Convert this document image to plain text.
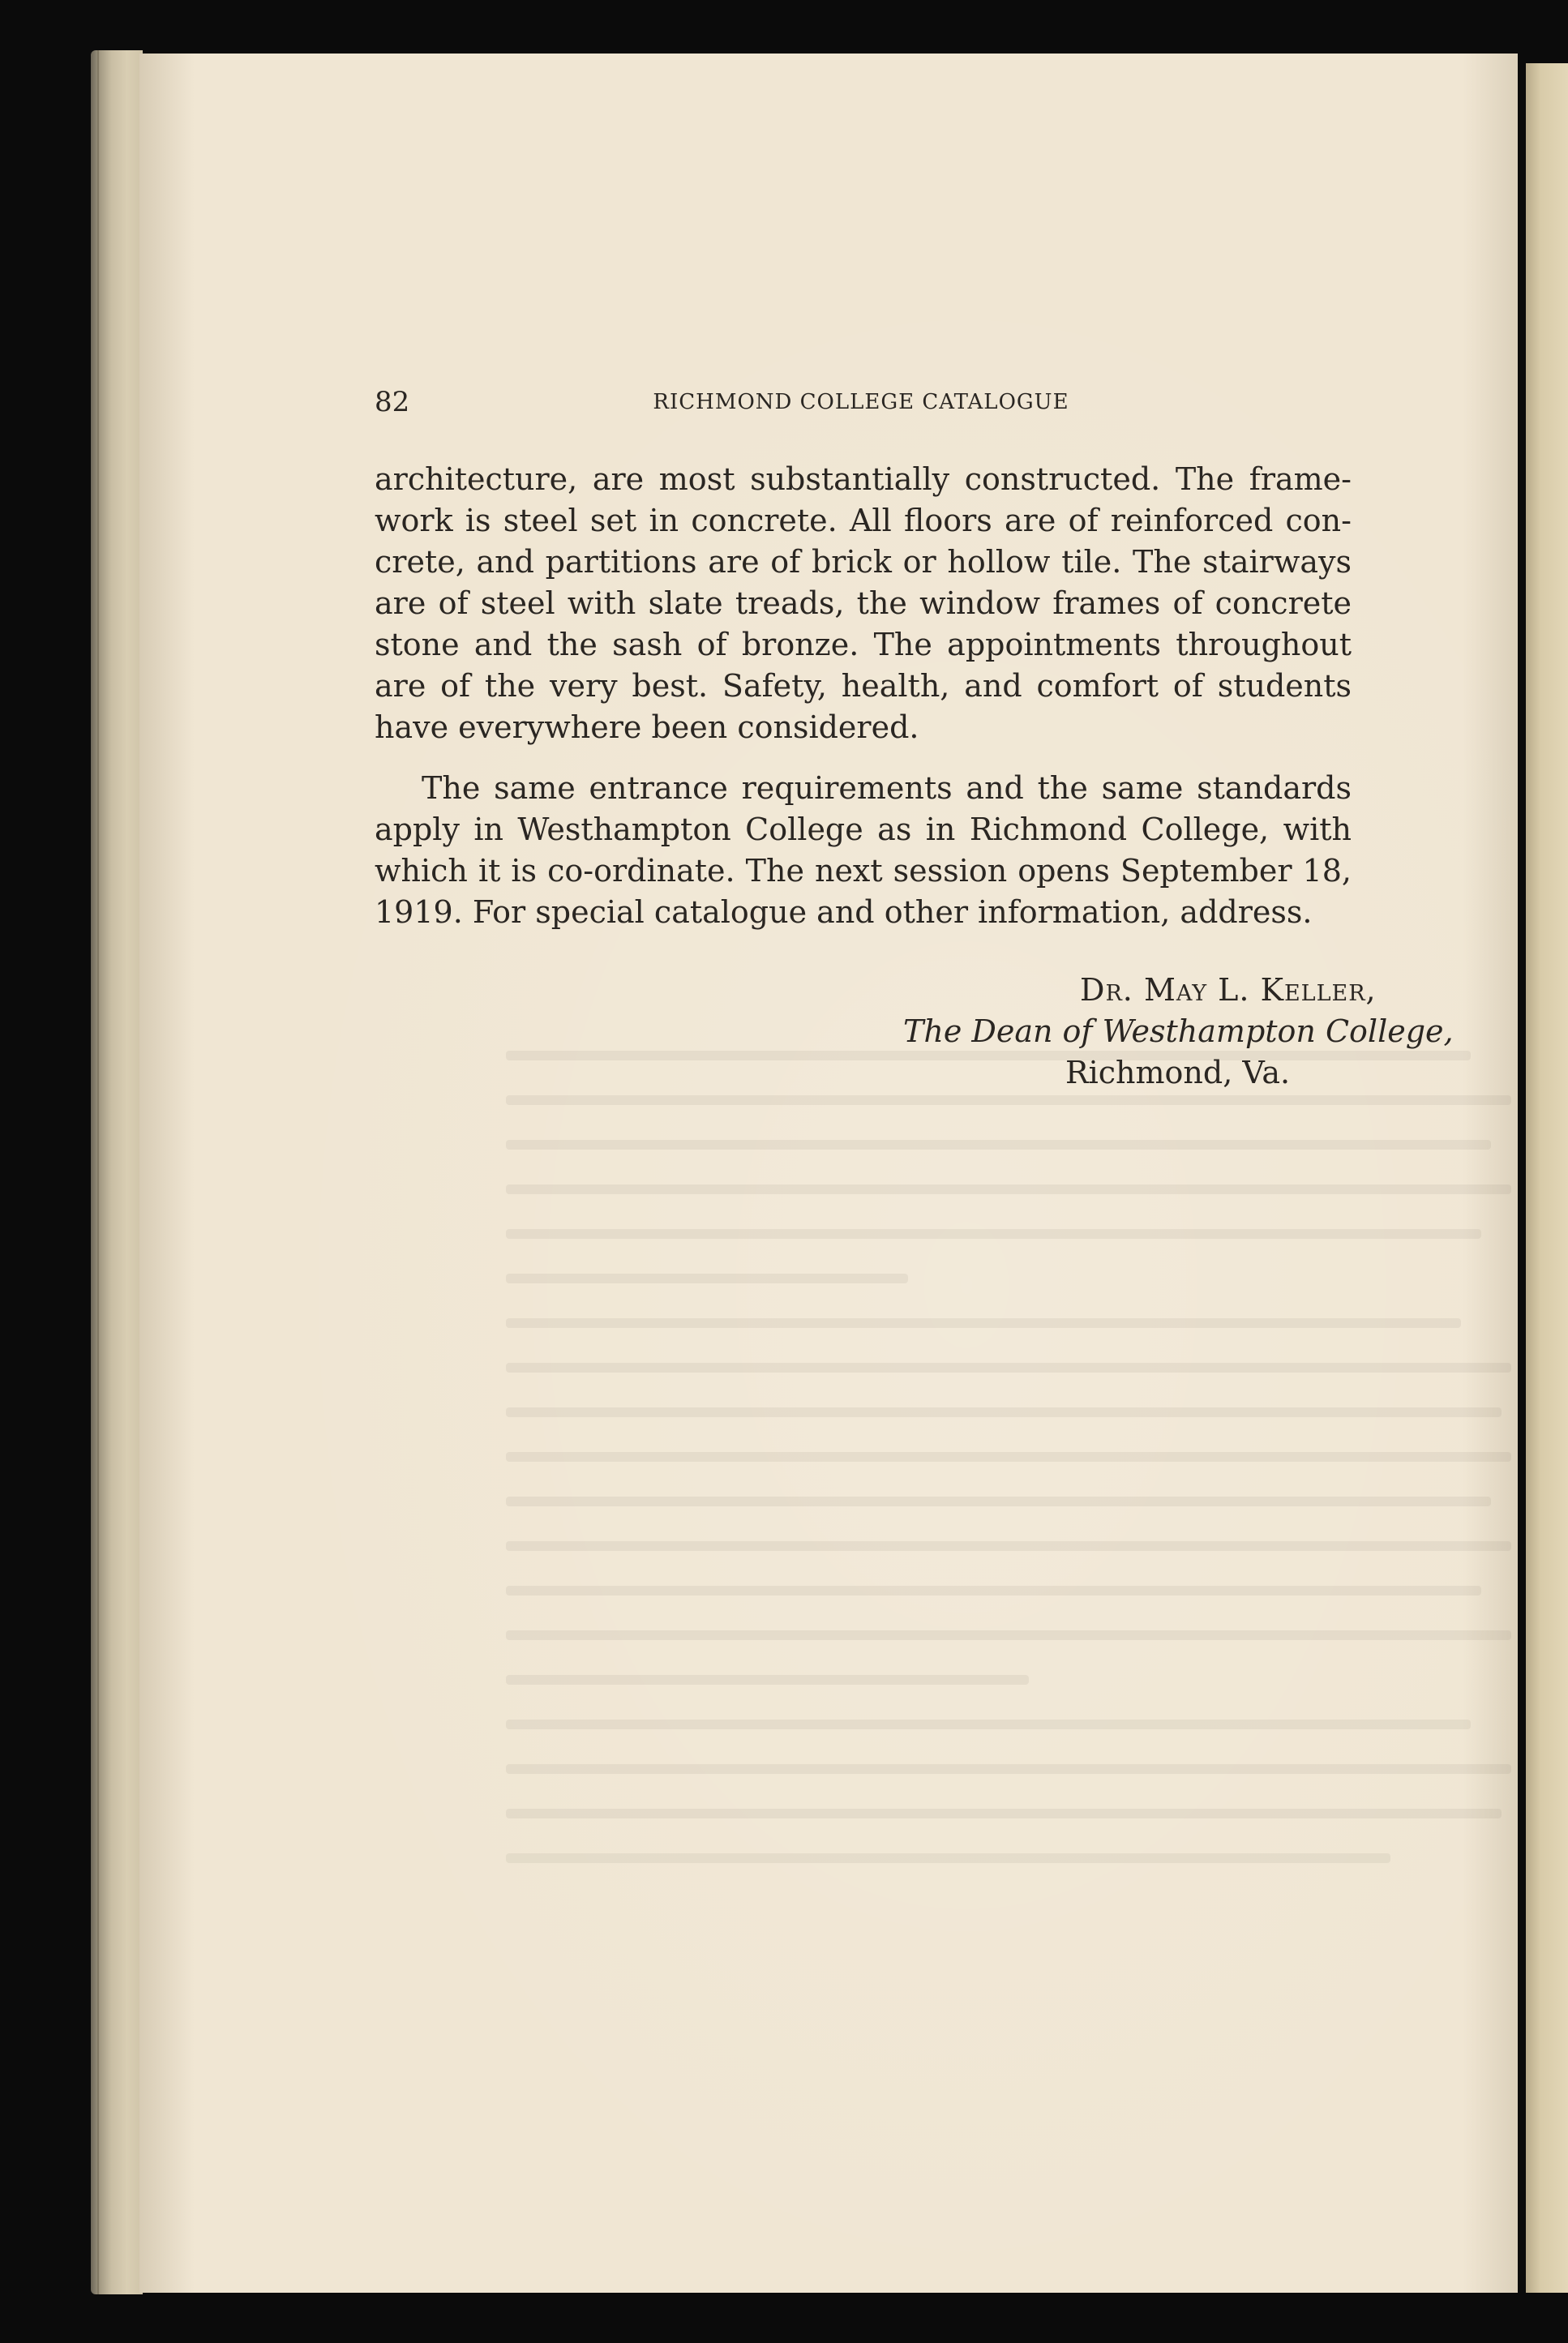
82	RICHMOND COLLEGE CATALOGUE

architecture, are most substantially constructed. The frame-work is steel set in concrete. All floors are of reinforced con-crete, and partitions are of brick or hollow tile. The stairways are of steel with slate treads, the window frames of concrete stone and the sash of bronze. The appointments throughout are of the very best. Safety, health, and comfort of students have everywhere been considered.

The same entrance requirements and the same standards apply in Westhampton College as in Richmond College, with which it is co-ordinate. The next session opens September 18, 1919. For special catalogue and other information, address.

Dr. May L. Keller,
The Dean of Westhampton College,
Richmond, Va.
